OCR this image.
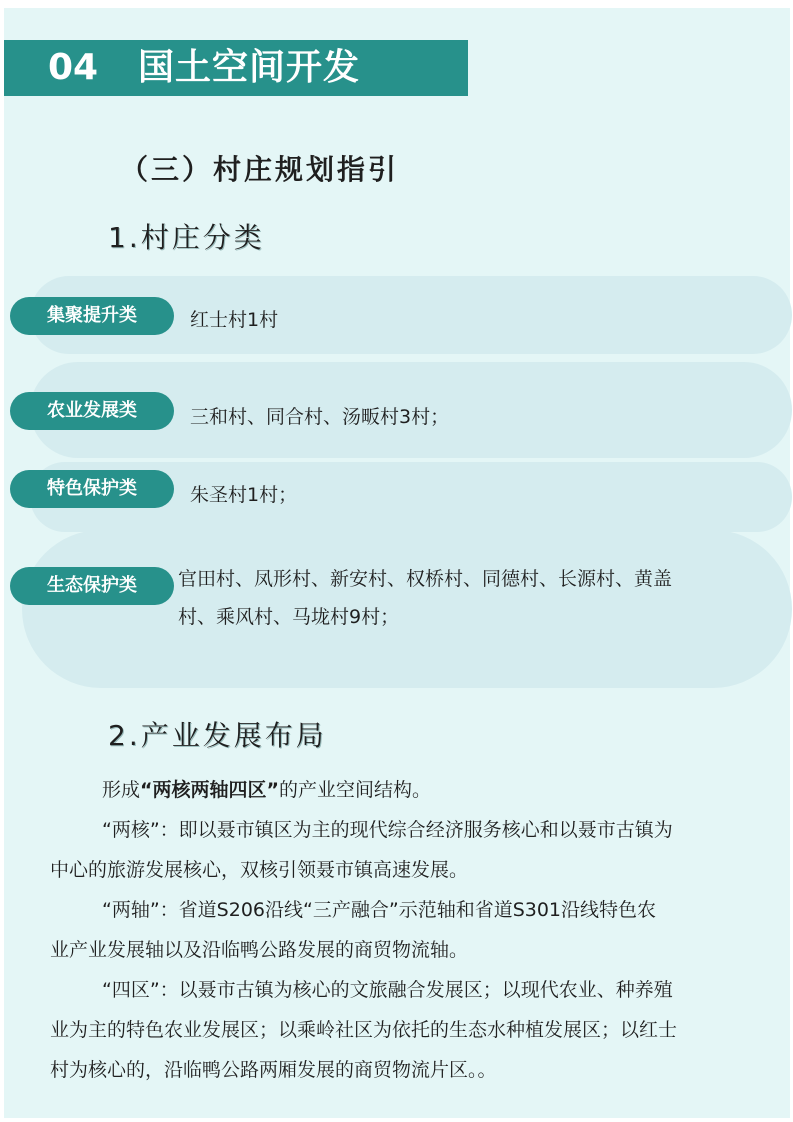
04 国土空间开发
（三）村庄规划指引
1.村庄分类
集聚提升类	红士村1村
农业发展类	三和村、同合村、汤畈村3村；
特色保护类	朱圣村1村；
生态保护类	官田村、凤形村、新安村、权桥村、同德村、长源村、黄盖
村、乘风村、马垅村9村；
2.产业发展布局

形成“两核两轴四区”的产业空间结构。

“两核”：即以聂市镇区为主的现代综合经济服务核心和以聂市古镇为

中心的旅游发展核心，双核引领聂市镇高速发展。

“两轴”：省道S206沿线“三产融合”示范轴和省道S301沿线特色农

业产业发展轴以及沿临鸭公路发展的商贸物流轴。

“四区”：以聂市古镇为核心的文旅融合发展区；以现代农业、种养殖

业为主的特色农业发展区；以乘岭社区为依托的生态水种植发展区；以红士

村为核心的，沿临鸭公路两厢发展的商贸物流片区。。
